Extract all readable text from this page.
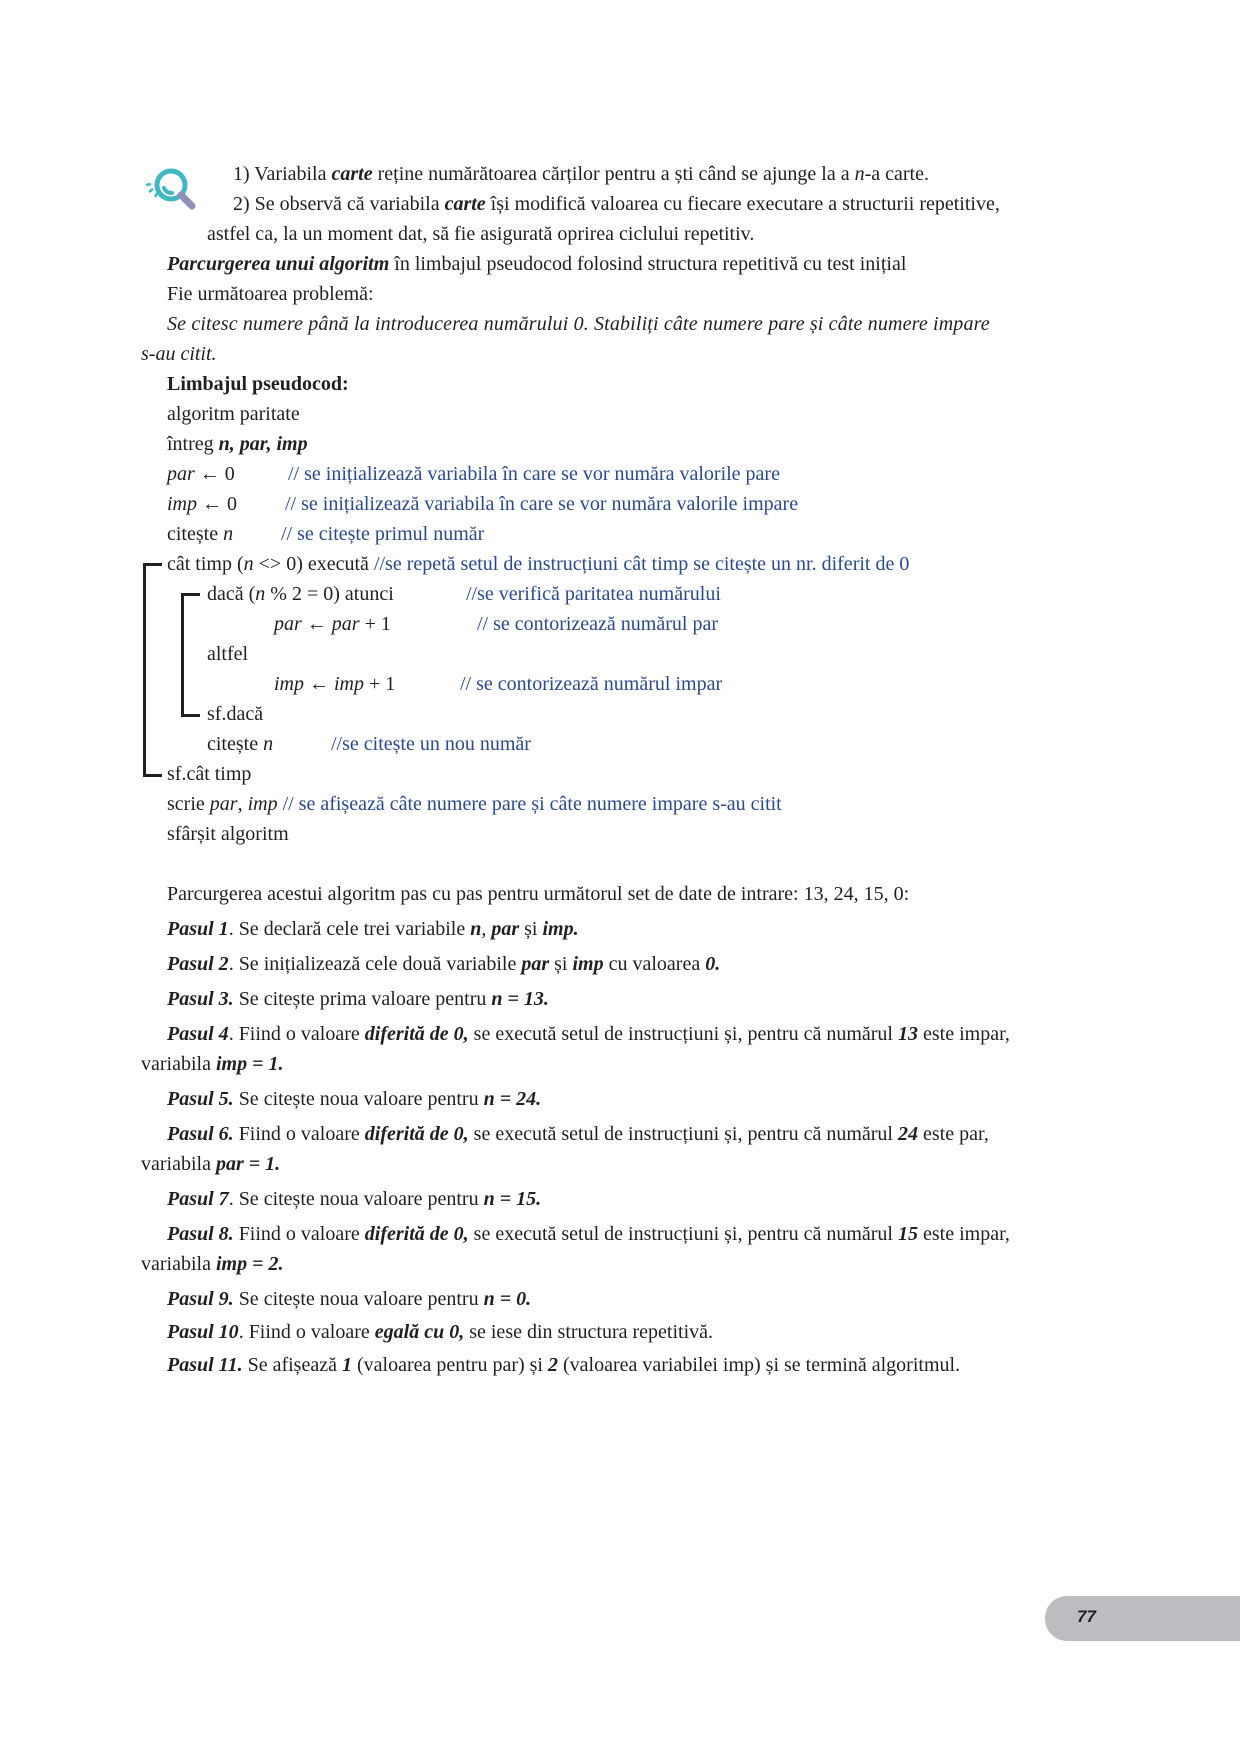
1) Variabila carte reține numărătoarea cărților pentru a ști când se ajunge la a n-a carte.
2) Se observă că variabila carte își modifică valoarea cu fiecare executare a structurii repetitive,
astfel ca, la un moment dat, să fie asigurată oprirea ciclului repetitiv.
Parcurgerea unui algoritm în limbajul pseudocod folosind structura repetitivă cu test inițial
Fie următoarea problemă:
Se citesc numere până la introducerea numărului 0. Stabiliți câte numere pare și câte numere impare
s-au citit.
Limbajul pseudocod:
algoritm paritate
întreg n, par, imp
par ← 0	// se inițializează variabila în care se vor număra valorile pare
imp ← 0 // se inițializează variabila în care se vor număra valorile impare
citește n // se citește primul număr
cât timp (n <> 0) execută //se repetă setul de instrucțiuni cât timp se citește un nr. diferit de 0
dacă (n % 2 = 0) atunci	//se verifică paritatea numărului
par ← par + 1	// se contorizează numărul par
altfel
imp ← imp + 1	// se contorizează numărul impar
sf.dacă
citește n	//se citește un nou număr
sf.cât timp
scrie par, imp // se afișează câte numere pare și câte numere impare s-au citit
sfârșit algoritm
Parcurgerea acestui algoritm pas cu pas pentru următorul set de date de intrare: 13, 24, 15, 0:
Pasul 1. Se declară cele trei variabile n, par și imp.
Pasul 2. Se inițializează cele două variabile par și imp cu valoarea 0.
Pasul 3. Se citește prima valoare pentru n = 13.
Pasul 4. Fiind o valoare diferită de 0, se execută setul de instrucțiuni și, pentru că numărul 13 este impar,
variabila imp = 1.
Pasul 5. Se citește noua valoare pentru n = 24.
Pasul 6. Fiind o valoare diferită de 0, se execută setul de instrucțiuni și, pentru că numărul 24 este par,
variabila par = 1.
Pasul 7. Se citește noua valoare pentru n = 15.
Pasul 8. Fiind o valoare diferită de 0, se execută setul de instrucțiuni și, pentru că numărul 15 este impar,
variabila imp = 2.
Pasul 9. Se citește noua valoare pentru n = 0.
Pasul 10. Fiind o valoare egală cu 0, se iese din structura repetitivă.
Pasul 11. Se afișează 1 (valoarea pentru par) și 2 (valoarea variabilei imp) și se termină algoritmul.
77
